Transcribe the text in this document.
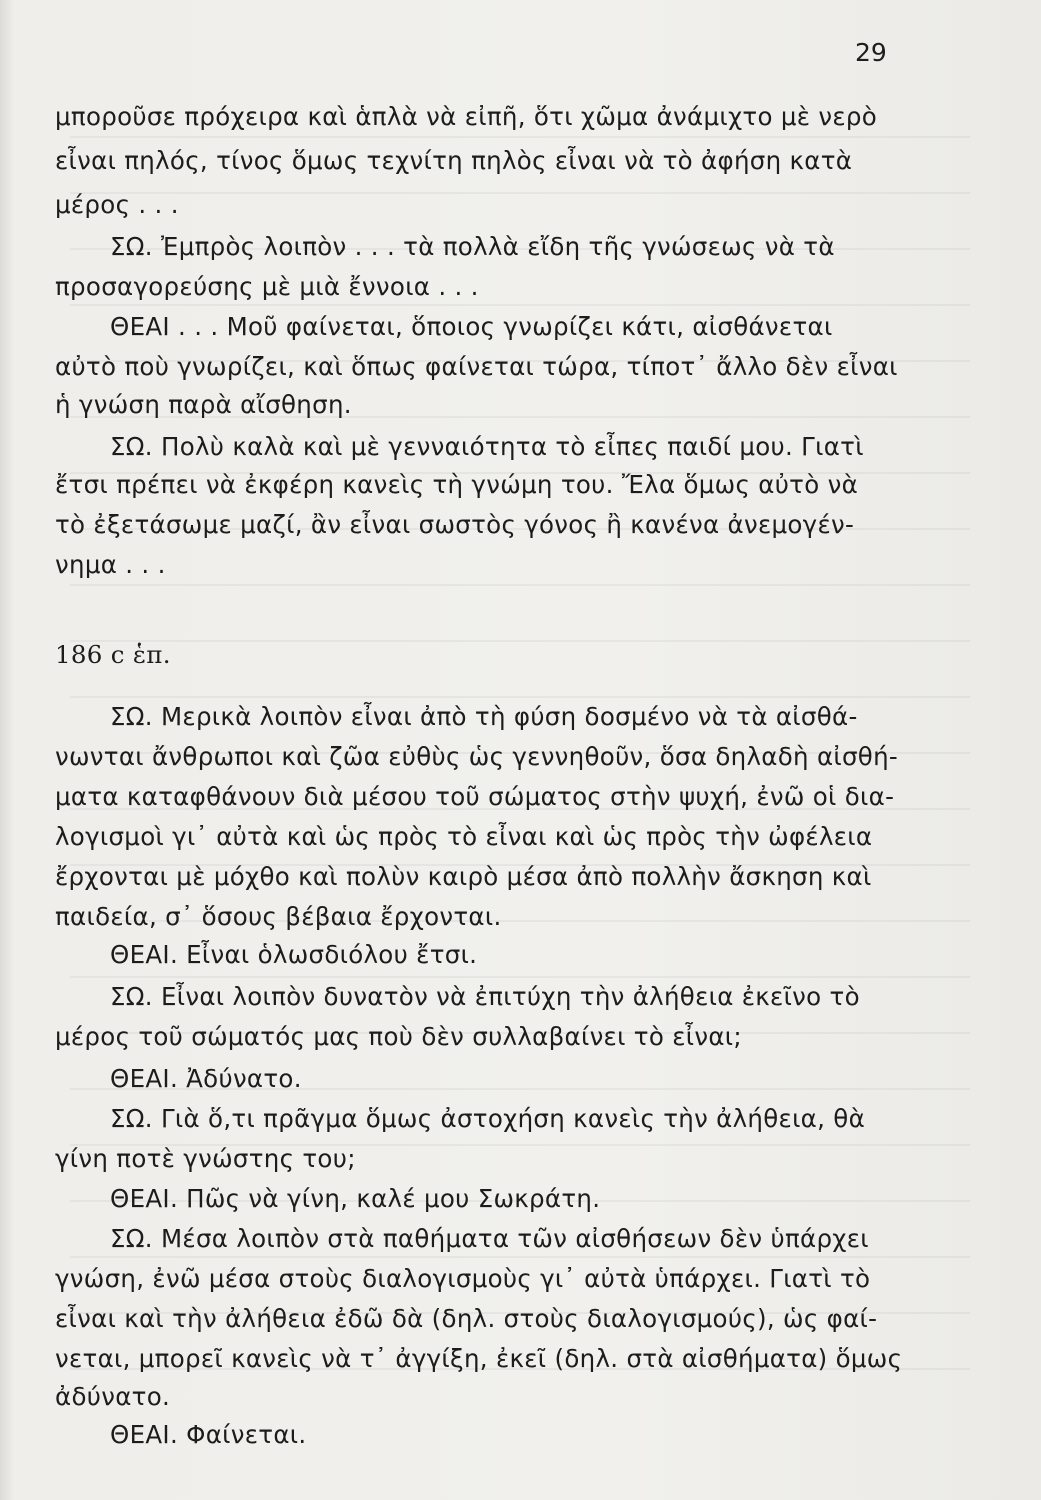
29
μποροῦσε πρόχειρα καὶ ἁπλὰ νὰ εἰπῆ, ὅτι χῶμα ἀνάμιχτο μὲ νερὸ
εἶναι πηλός, τίνος ὅμως τεχνίτη πηλὸς εἶναι νὰ τὸ ἀφήση κατὰ
μέρος . . .
ΣΩ. Ἐμπρὸς λοιπὸν . . . τὰ πολλὰ εἴδη τῆς γνώσεως νὰ τὰ
προσαγορεύσης μὲ μιὰ ἔννοια . . .
ΘΕΑΙ . . . Μοῦ φαίνεται, ὅποιος γνωρίζει κάτι, αἰσθάνεται
αὐτὸ ποὺ γνωρίζει, καὶ ὅπως φαίνεται τώρα, τίποτ᾽ ἄλλο δὲν εἶναι
ἡ γνώση παρὰ αἴσθηση.
ΣΩ. Πολὺ καλὰ καὶ μὲ γενναιότητα τὸ εἶπες παιδί μου. Γιατὶ
ἔτσι πρέπει νὰ ἐκφέρη κανεὶς τὴ γνώμη του. Ἔλα ὅμως αὐτὸ νὰ
τὸ ἐξετάσωμε μαζί, ἂν εἶναι σωστὸς γόνος ἢ κανένα ἀνεμογέν-
νημα . . .
186 c ἑπ.
ΣΩ. Μερικὰ λοιπὸν εἶναι ἀπὸ τὴ φύση δοσμένο νὰ τὰ αἰσθά-
νωνται ἄνθρωποι καὶ ζῶα εὐθὺς ὡς γεννηθοῦν, ὅσα δηλαδὴ αἰσθή-
ματα καταφθάνουν διὰ μέσου τοῦ σώματος στὴν ψυχή, ἐνῶ οἱ δια-
λογισμοὶ γι᾽ αὐτὰ καὶ ὡς πρὸς τὸ εἶναι καὶ ὡς πρὸς τὴν ὠφέλεια
ἔρχονται μὲ μόχθο καὶ πολὺν καιρὸ μέσα ἀπὸ πολλὴν ἄσκηση καὶ
παιδεία, σ᾽ ὅσους βέβαια ἔρχονται.
ΘΕΑΙ. Εἶναι ὁλωσδιόλου ἔτσι.
ΣΩ. Εἶναι λοιπὸν δυνατὸν νὰ ἐπιτύχη τὴν ἀλήθεια ἐκεῖνο τὸ
μέρος τοῦ σώματός μας ποὺ δὲν συλλαβαίνει τὸ εἶναι;
ΘΕΑΙ. Ἀδύνατο.
ΣΩ. Γιὰ ὅ,τι πρᾶγμα ὅμως ἀστοχήση κανεὶς τὴν ἀλήθεια, θὰ
γίνη ποτὲ γνώστης του;
ΘΕΑΙ. Πῶς νὰ γίνη, καλέ μου Σωκράτη.
ΣΩ. Μέσα λοιπὸν στὰ παθήματα τῶν αἰσθήσεων δὲν ὑπάρχει
γνώση, ἐνῶ μέσα στοὺς διαλογισμοὺς γι᾽ αὐτὰ ὑπάρχει. Γιατὶ τὸ
εἶναι καὶ τὴν ἀλήθεια ἐδῶ δὰ (δηλ. στοὺς διαλογισμούς), ὡς φαί-
νεται, μπορεῖ κανεὶς νὰ τ᾽ ἀγγίξη, ἐκεῖ (δηλ. στὰ αἰσθήματα) ὅμως
ἀδύνατο.
ΘΕΑΙ. Φαίνεται.
